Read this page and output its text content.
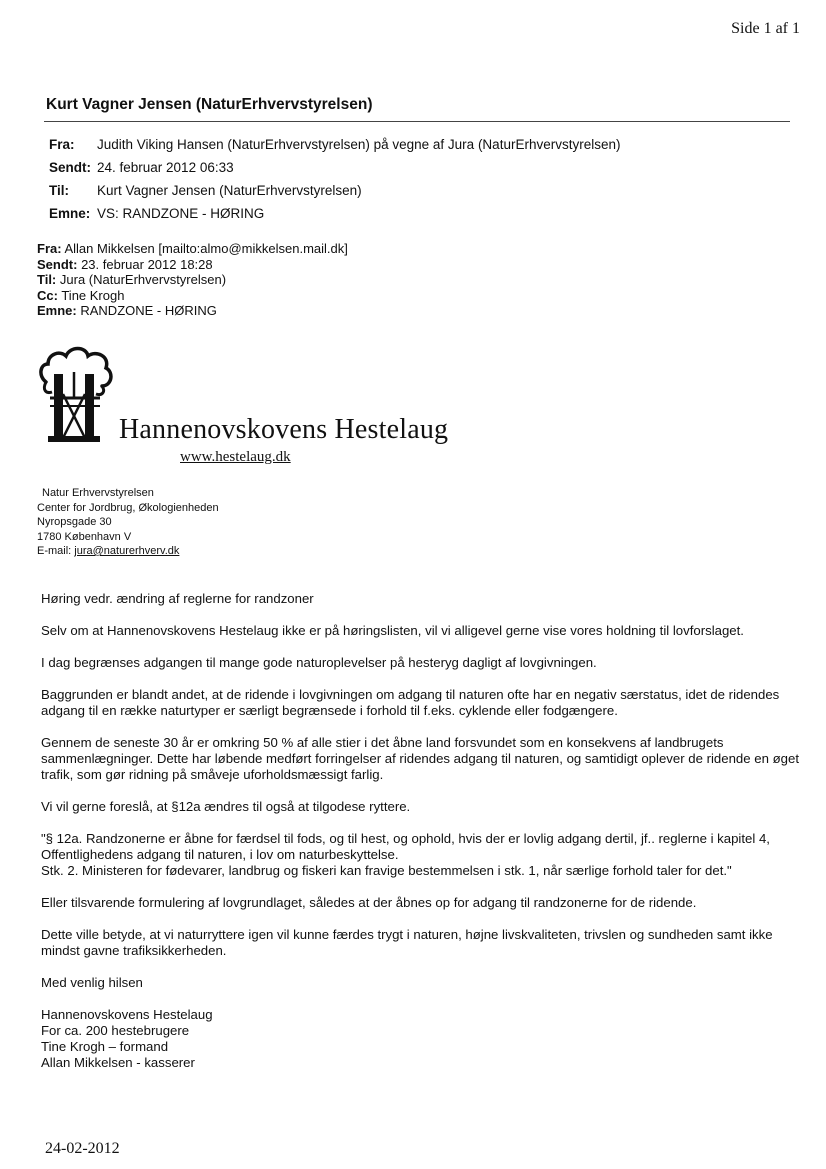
Side 1 af 1
Kurt Vagner Jensen (NaturErhvervstyrelsen)
Fra:	Judith Viking Hansen (NaturErhvervstyrelsen) på vegne af Jura (NaturErhvervstyrelsen)
Sendt: 24. februar 2012 06:33
Til:	Kurt Vagner Jensen (NaturErhvervstyrelsen)
Emne: VS: RANDZONE - HØRING
Fra: Allan Mikkelsen [mailto:almo@mikkelsen.mail.dk]
Sendt: 23. februar 2012 18:28
Til: Jura (NaturErhvervstyrelsen)
Cc: Tine Krogh
Emne: RANDZONE - HØRING
Hannenovskovens Hestelaug
www.hestelaug.dk
Natur Erhvervstyrelsen
Center for Jordbrug, Økologienheden
Nyropsgade 30
1780 København V
E-mail: jura@naturerhverv.dk

Høring vedr. ændring af reglerne for randzoner

Selv om at Hannenovskovens Hestelaug ikke er på høringslisten, vil vi alligevel gerne vise vores holdning til lovforslaget.

I dag begrænses adgangen til mange gode naturoplevelser på hesteryg dagligt af lovgivningen.

Baggrunden er blandt andet, at de ridende i lovgivningen om adgang til naturen ofte har en negativ særstatus, idet de ridendes adgang til en række naturtyper er særligt begrænsede i forhold til f.eks. cyklende eller fodgængere.

Gennem de seneste 30 år er omkring 50 % af alle stier i det åbne land forsvundet som en konsekvens af landbrugets sammenlægninger. Dette har løbende medført forringelser af ridendes adgang til naturen, og samtidigt oplever de ridende en øget trafik, som gør ridning på småveje uforholdsmæssigt farlig.

Vi vil gerne foreslå, at §12a ændres til også at tilgodese ryttere.

"§ 12a. Randzonerne er åbne for færdsel til fods, og til hest, og ophold, hvis der er lovlig adgang dertil, jf.. reglerne i kapitel 4, Offentlighedens adgang til naturen, i lov om naturbeskyttelse.

Stk. 2. Ministeren for fødevarer, landbrug og fiskeri kan fravige bestemmelsen i stk. 1, når særlige forhold taler for det."

Eller tilsvarende formulering af lovgrundlaget, således at der åbnes op for adgang til randzonerne for de ridende.

Dette ville betyde, at vi naturryttere igen vil kunne færdes trygt i naturen, højne livskvaliteten, trivslen og sundheden samt ikke mindst gavne trafiksikkerheden.

Med venlig hilsen

Hannenovskovens Hestelaug
For ca. 200 hestebrugere
Tine Krogh – formand
Allan Mikkelsen - kasserer
24-02-2012
